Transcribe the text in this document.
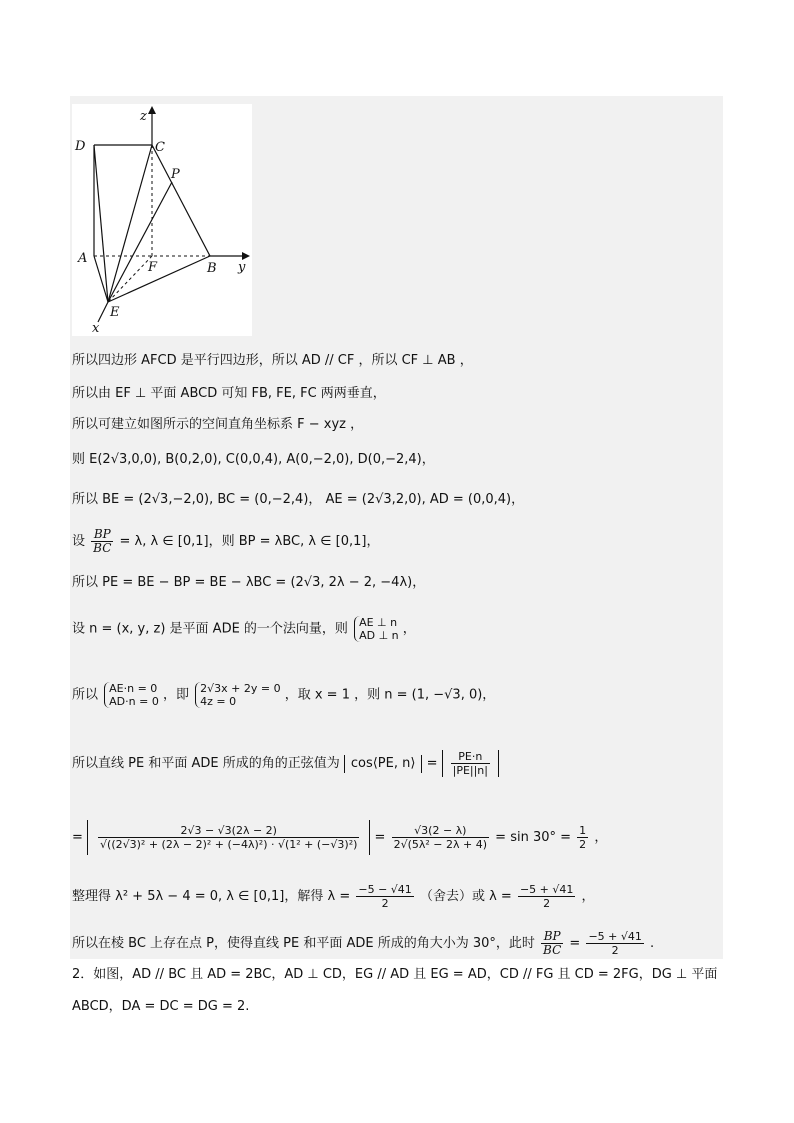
D	C
z
P
A
F	B y
E
x
所以四边形 AFCD 是平行四边形，所以 AD // CF ，所以 CF ⊥ AB ，
所以由 EF ⊥ 平面 ABCD 可知 FB, FE, FC 两两垂直，
所以可建立如图所示的空间直角坐标系 F − xyz ，
则 E(2√3,0,0), B(0,2,0), C(0,0,4), A(0,−2,0), D(0,−2,4)，
所以 BE = (2√3,−2,0), BC = (0,−2,4)， AE = (2√3,2,0), AD = (0,0,4)，
设 $\frac{BP}{BC} = \lambda$, λ ∈ [0,1]，则 BP = λBC, λ ∈ [0,1]，
所以 PE = BE − BP = BE − λBC = (2√3, 2λ − 2, −4λ)，
设 n = (x, y, z) 是平面 ADE 的一个法向量，则 AE ⊥ n
AD ⊥ n ，
所以 AE·n = 0
AD·n = 0 ，即 2√3x + 2y = 0
4z = 0	，取 x = 1 ，则 n = (1, −√3, 0)，
所以直线 PE 和平面 ADE 所成的角的正弦值为 cos⟨PE, n⟩ = $\frac{PE\cdot n}{|PE||n|}$
= $\frac{2√3 - √3(2\lambda - 2)}{\text{√((2√3)² + (2λ − 2)² + (−4λ)²) · √(1² + (−√3)²)}} = \frac{√3(2 - \lambda)}{\text{2√(5λ² − 2λ + 4)}} = \sin 30^\circ = \frac{1}{2}$ ，
整理得 λ² + 5λ − 4 = 0, λ ∈ [0,1]，解得 $\lambda = \frac{-5 - √41}{2}$ （舍去）或 $\lambda = \frac{-5 + √41}{2}$ ，
所以在棱 BC 上存在点 P，使得直线 PE 和平面 ADE 所成的角大小为 30°，此时 $\frac{BP}{BC} = \frac{-5 + √41}{2}$ .
2．如图，AD // BC 且 AD = 2BC，AD ⊥ CD，EG // AD 且 EG = AD，CD // FG 且 CD = 2FG，DG ⊥ 平面
ABCD，DA = DC = DG = 2.
